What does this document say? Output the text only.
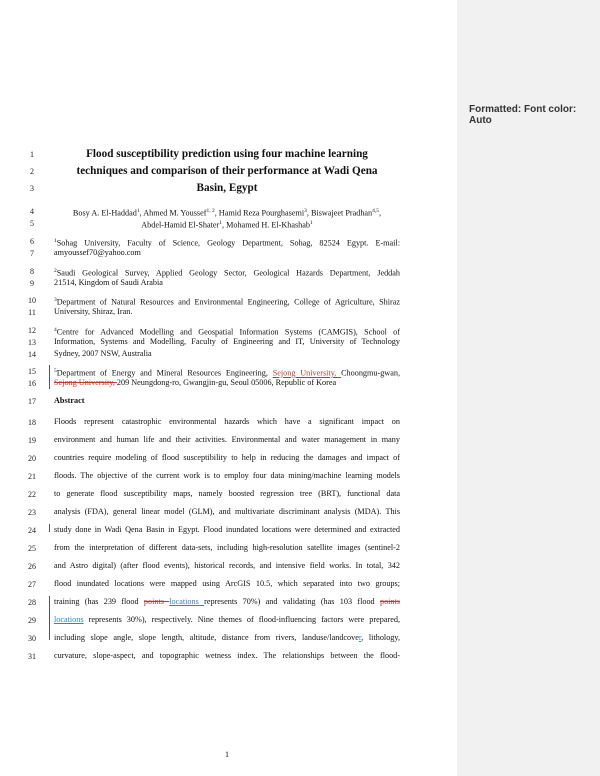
Formatted: Font color: Auto
1
2
3
4
5
6
7
8
9
10
11
12
13
14
15
16
17
18
19
20
21
22
23
24
25
26
27
28
29
30
31
Flood susceptibility prediction using four machine learning
techniques and comparison of their performance at Wadi Qena
Basin, Egypt
Bosy A. El-Haddad$^1$, Ahmed M. Youssef$^{1, 2}$, Hamid Reza Pourghasemi$^3$, Biswajeet Pradhan$^{4,5}$,
Abdel-Hamid El-Shater$^1$, Mohamed H. El-Khashab$^1$
$^1$Sohag University, Faculty of Science, Geology Department, Sohag, 82524 Egypt. E-mail:
amyoussef70@yahoo.com
$^2$Saudi Geological Survey, Applied Geology Sector, Geological Hazards Department, Jeddah
21514, Kingdom of Saudi Arabia
$^3$Department of Natural Resources and Environmental Engineering, College of Agriculture, Shiraz
University, Shiraz, Iran.
$^4$Centre for Advanced Modelling and Geospatial Information Systems (CAMGIS), School of
Information, Systems and Modelling, Faculty of Engineering and IT, University of Technology
Sydney, 2007 NSW, Australia
$^5$Department of Energy and Mineral Resources Engineering, Sejong University, Choongmu-gwan,
Sejong University, 209 Neungdong-ro, Gwangjin-gu, Seoul 05006, Republic of Korea
Abstract
Floods represent catastrophic environmental hazards which have a significant impact on
environment and human life and their activities. Environmental and water management in many
countries require modeling of flood susceptibility to help in reducing the damages and impact of
floods. The objective of the current work is to employ four data mining/machine learning models
to generate flood susceptibility maps, namely boosted regression tree (BRT), functional data
analysis (FDA), general linear model (GLM), and multivariate discriminant analysis (MDA). This
study done in Wadi Qena Basin in Egypt. Flood inundated locations were determined and extracted
from the interpretation of different data-sets, including high-resolution satellite images (sentinel-2
and Astro digital) (after flood events), historical records, and intensive field works. In total, 342
flood inundated locations were mapped using ArcGIS 10.5, which separated into two groups;
training (has 239 flood points locations represents 70%) and validating (has 103 flood points
locations represents 30%), respectively. Nine themes of flood-influencing factors were prepared,
including slope angle, slope length, altitude, distance from rivers, landuse/landcover, lithology,
curvature, slope-aspect, and topographic wetness index. The relationships between the flood-
1
